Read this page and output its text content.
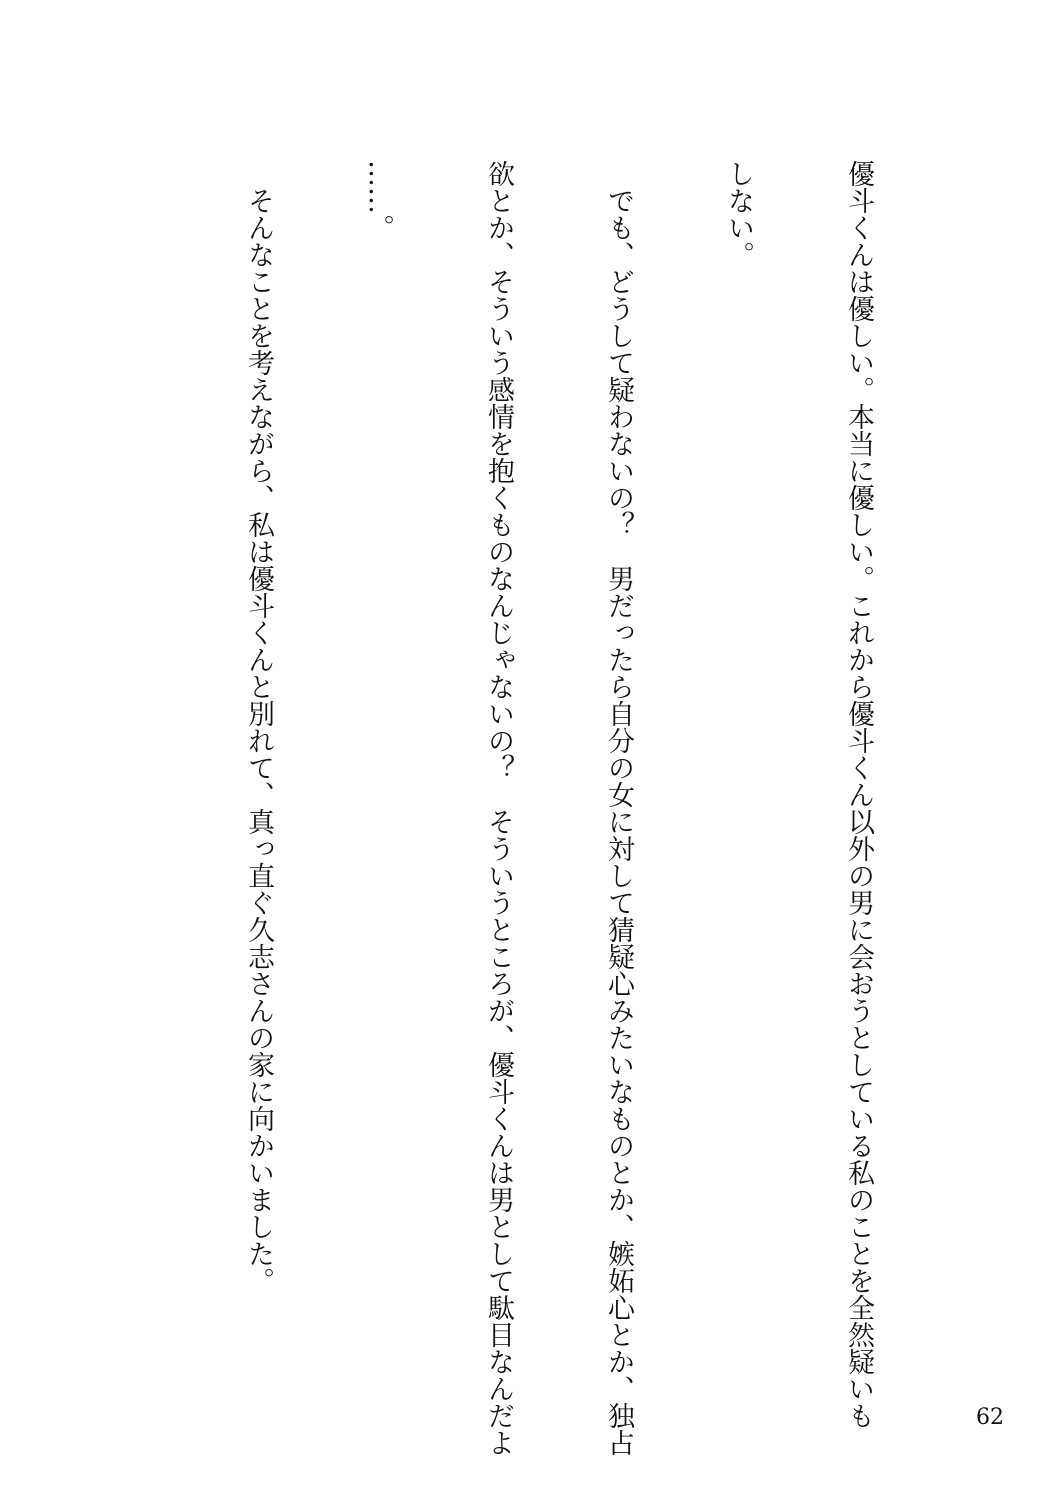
優斗くんは優しい。本当に優しい。これから優斗くん以外の男に会おうとしている私のことを全然疑いも

しない。

　でも、どうして疑わないの？　男だったら自分の女に対して猜疑心みたいなものとか、嫉妬心とか、独占

欲とか、そういう感情を抱くものなんじゃないの？　そういうところが、優斗くんは男として駄目なんだよ

……。

　そんなことを考えながら、私は優斗くんと別れて、真っ直ぐ久志さんの家に向かいました。

62
